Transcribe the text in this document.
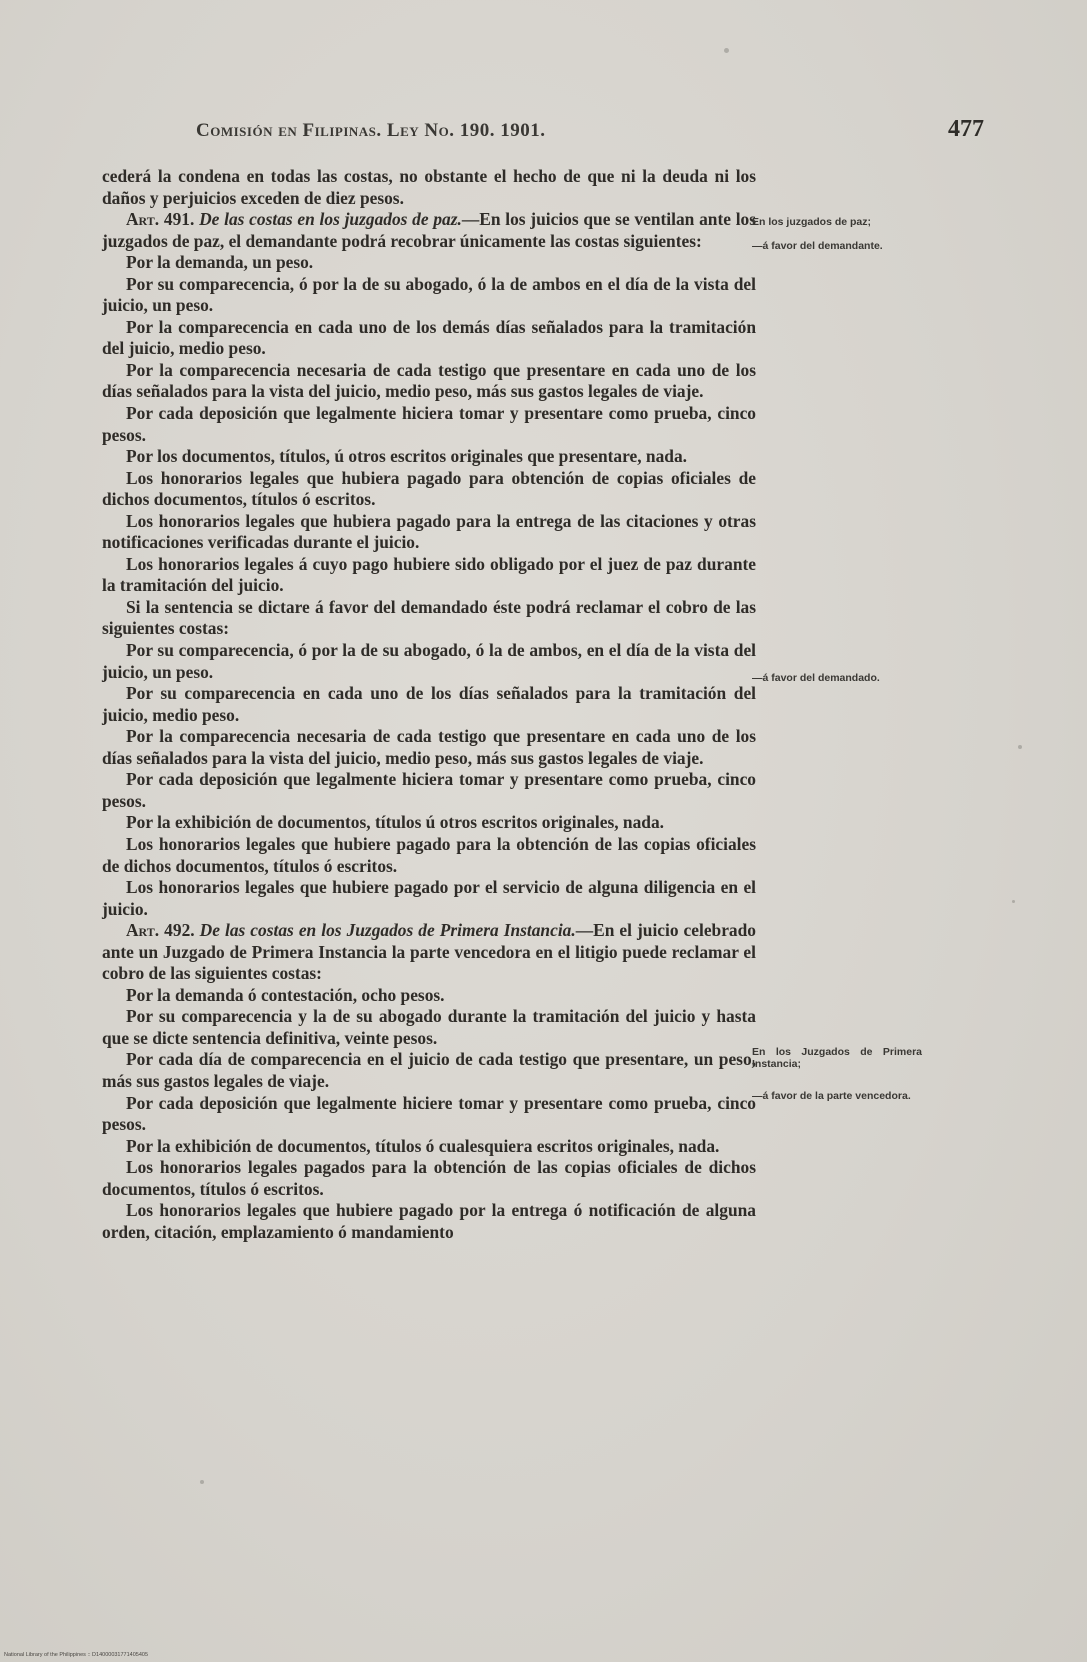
Comisión en Filipinas. Ley No. 190. 1901.	477

cederá la condena en todas las costas, no obstante el hecho de que ni la deuda ni los daños y perjuicios exceden de diez pesos.

Art. 491. De las costas en los juzgados de paz.—En los juicios que se ventilan ante los juzgados de paz, el demandante podrá recobrar únicamente las costas siguientes:

Por la demanda, un peso.

Por su comparecencia, ó por la de su abogado, ó la de ambos en el día de la vista del juicio, un peso.

Por la comparecencia en cada uno de los demás días señalados para la tramitación del juicio, medio peso.

Por la comparecencia necesaria de cada testigo que presentare en cada uno de los días señalados para la vista del juicio, medio peso, más sus gastos legales de viaje.

Por cada deposición que legalmente hiciera tomar y presentare como prueba, cinco pesos.

Por los documentos, títulos, ú otros escritos originales que presentare, nada.

Los honorarios legales que hubiera pagado para obtención de copias oficiales de dichos documentos, títulos ó escritos.

Los honorarios legales que hubiera pagado para la entrega de las citaciones y otras notificaciones verificadas durante el juicio.

Los honorarios legales á cuyo pago hubiere sido obligado por el juez de paz durante la tramitación del juicio.

Si la sentencia se dictare á favor del demandado éste podrá reclamar el cobro de las siguientes costas:

Por su comparecencia, ó por la de su abogado, ó la de ambos, en el día de la vista del juicio, un peso.

Por su comparecencia en cada uno de los días señalados para la tramitación del juicio, medio peso.

Por la comparecencia necesaria de cada testigo que presentare en cada uno de los días señalados para la vista del juicio, medio peso, más sus gastos legales de viaje.

Por cada deposición que legalmente hiciera tomar y presentare como prueba, cinco pesos.

Por la exhibición de documentos, títulos ú otros escritos originales, nada.

Los honorarios legales que hubiere pagado para la obtención de las copias oficiales de dichos documentos, títulos ó escritos.

Los honorarios legales que hubiere pagado por el servicio de alguna diligencia en el juicio.

Art. 492. De las costas en los Juzgados de Primera Instancia.—En el juicio celebrado ante un Juzgado de Primera Instancia la parte vencedora en el litigio puede reclamar el cobro de las siguientes costas:

Por la demanda ó contestación, ocho pesos.

Por su comparecencia y la de su abogado durante la tramitación del juicio y hasta que se dicte sentencia definitiva, veinte pesos.

Por cada día de comparecencia en el juicio de cada testigo que presentare, un peso, más sus gastos legales de viaje.

Por cada deposición que legalmente hiciere tomar y presentare como prueba, cinco pesos.

Por la exhibición de documentos, títulos ó cualesquiera escritos originales, nada.

Los honorarios legales pagados para la obtención de las copias oficiales de dichos documentos, títulos ó escritos.

Los honorarios legales que hubiere pagado por la entrega ó notificación de alguna orden, citación, emplazamiento ó mandamiento

En los juzgados de paz;
—á favor del demandante.
—á favor del demandado.
En los Juzgados de Primera Instancia;
—á favor de la parte vencedora.
National Library of the Philippines :: D14000031771405405
